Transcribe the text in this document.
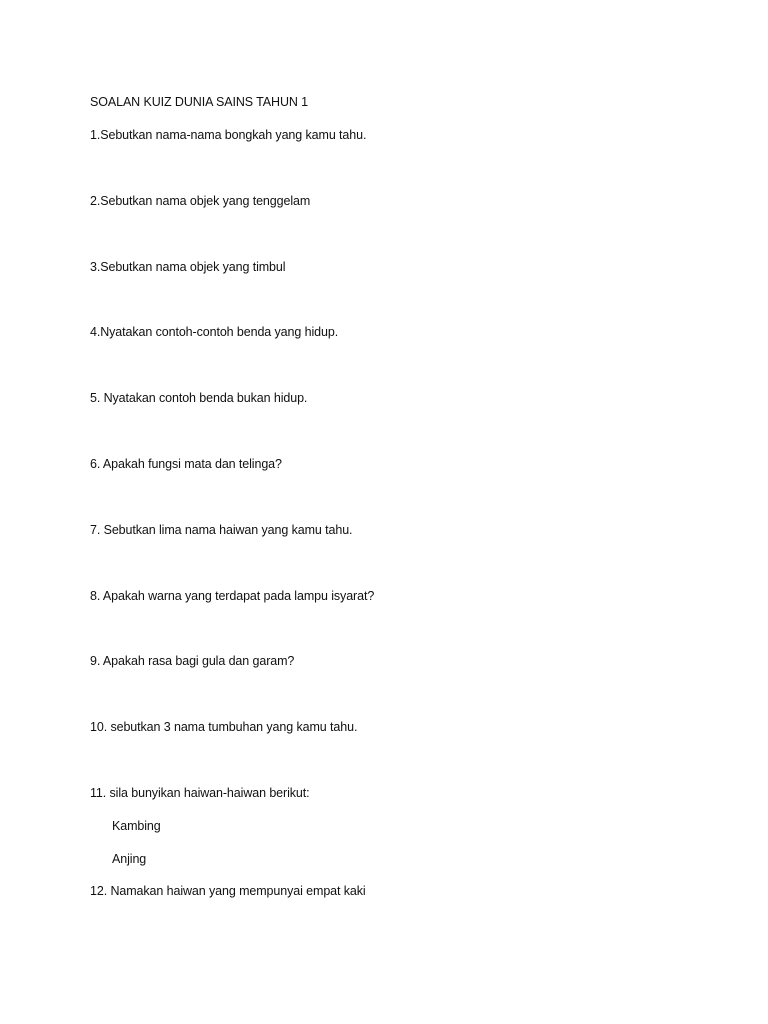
SOALAN KUIZ DUNIA SAINS TAHUN 1
1.Sebutkan nama-nama bongkah yang kamu tahu.
2.Sebutkan nama objek yang tenggelam
3.Sebutkan nama objek yang timbul
4.Nyatakan contoh-contoh benda yang hidup.
5. Nyatakan contoh benda bukan hidup.
6. Apakah fungsi mata dan telinga?
7. Sebutkan lima nama haiwan yang kamu tahu.
8. Apakah warna yang terdapat pada lampu isyarat?
9. Apakah rasa bagi gula dan garam?
10. sebutkan 3 nama tumbuhan yang kamu tahu.
11. sila bunyikan haiwan-haiwan berikut:
Kambing
Anjing
12. Namakan haiwan yang mempunyai empat kaki
